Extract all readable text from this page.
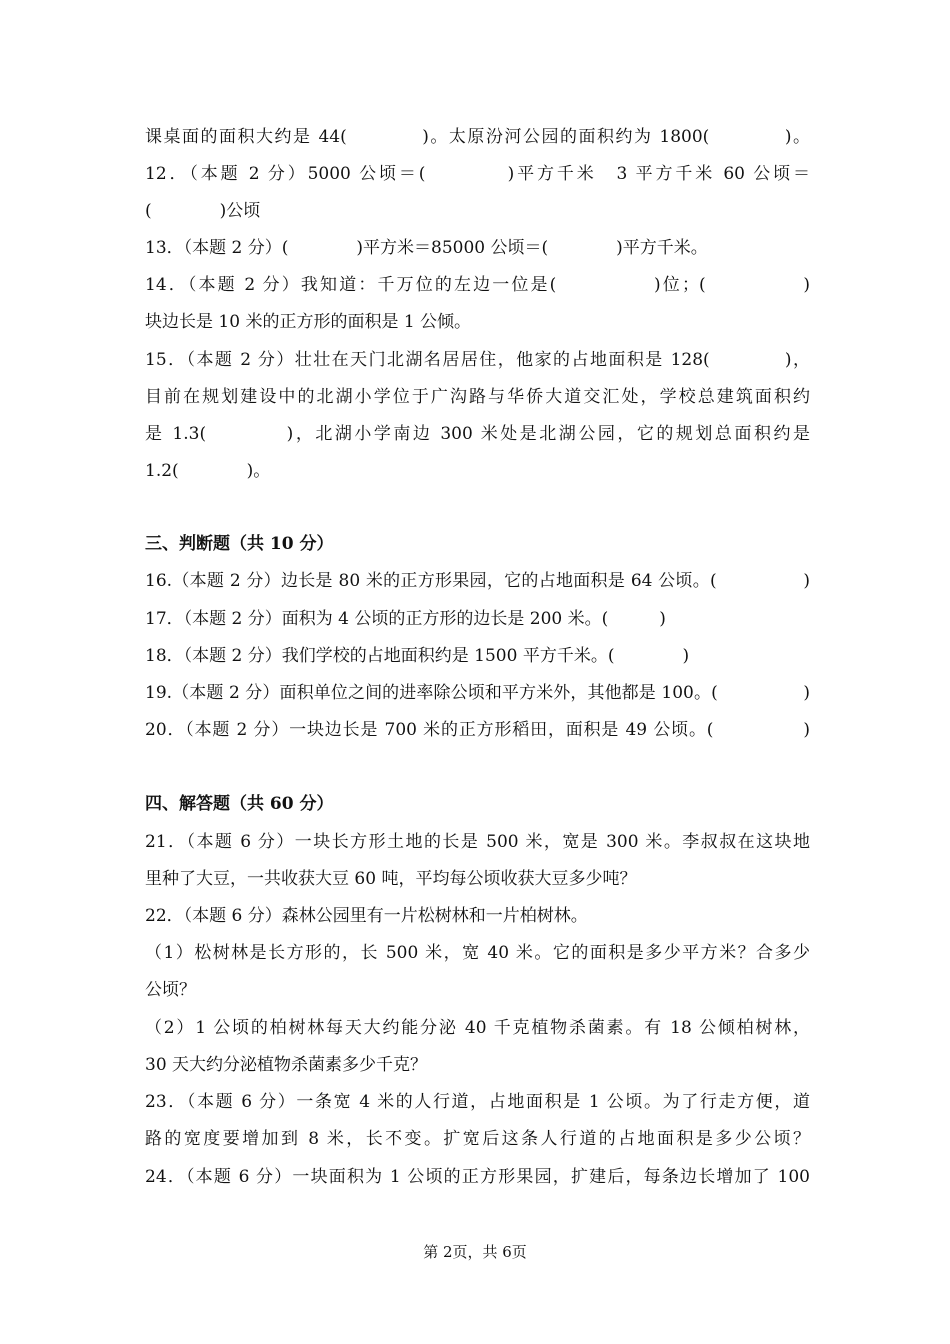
课桌面的面积大约是 44(　　　　)。太原汾河公园的面积约为 1800(　　　　)。
12．（本题 2 分）5000 公顷＝(　　　　)平方千米　3 平方千米 60 公顷＝
(　　　　)公顷
13．（本题 2 分）(　　　　)平方米＝85000 公顷＝(　　　　)平方千米。
14．（本题 2 分）我知道：千万位的左边一位是(　　　　　)位；(　　　　　)
块边长是 10 米的正方形的面积是 1 公倾。
15．（本题 2 分）壮壮在天门北湖名居居住，他家的占地面积是 128(　　　　)，
目前在规划建设中的北湖小学位于广沟路与华侨大道交汇处，学校总建筑面积约
是 1.3(　　　　)，北湖小学南边 300 米处是北湖公园，它的规划总面积约是
1.2(　　　　)。
三、判断题（共 10 分）
16.（本题 2 分）边长是 80 米的正方形果园，它的占地面积是 64 公顷。(　　　　　)
17．（本题 2 分）面积为 4 公顷的正方形的边长是 200 米。(　　　)
18．（本题 2 分）我们学校的占地面积约是 1500 平方千米。(　　　　)
19.（本题 2 分）面积单位之间的进率除公顷和平方米外，其他都是 100。(　　　　　)
20．（本题 2 分）一块边长是 700 米的正方形稻田，面积是 49 公顷。(　　　　　)
四、解答题（共 60 分）
21．（本题 6 分）一块长方形土地的长是 500 米，宽是 300 米。李叔叔在这块地
里种了大豆，一共收获大豆 60 吨，平均每公顷收获大豆多少吨？
22．（本题 6 分）森林公园里有一片松树林和一片柏树林。
（1）松树林是长方形的，长 500 米，宽 40 米。它的面积是多少平方米？合多少
公顷？
（2）1 公顷的柏树林每天大约能分泌 40 千克植物杀菌素。有 18 公倾柏树林，
30 天大约分泌植物杀菌素多少千克？
23．（本题 6 分）一条宽 4 米的人行道，占地面积是 1 公顷。为了行走方便，道
路的宽度要增加到 8 米，长不变。扩宽后这条人行道的占地面积是多少公顷？
24．（本题 6 分）一块面积为 1 公顷的正方形果园，扩建后，每条边长增加了 100
第 2页，共 6页
